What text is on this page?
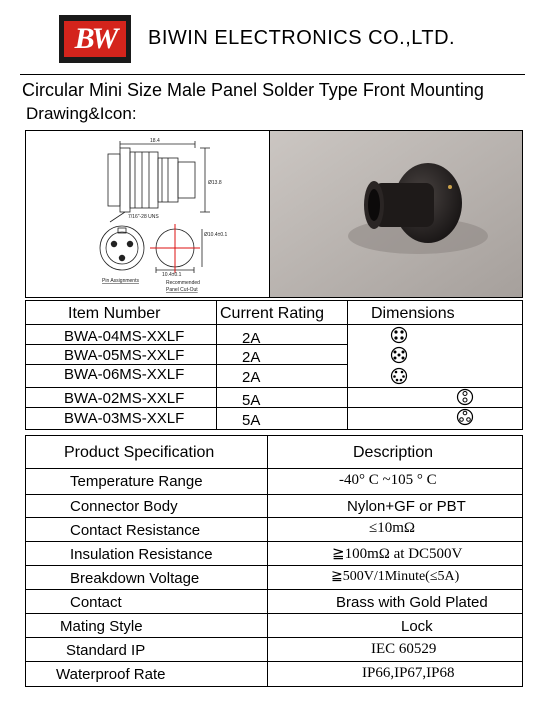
BW	BIWIN ELECTRONICS CO.,LTD.
Circular Mini Size Male Panel Solder Type Front Mounting
Drawing&Icon:
18.4
Ø13.8
7/16"-28 UNS
10.4±0.1
Ø10.4±0.1
Pin Assignments	Recommended
Panel Cut-Out
Item Number	Current Rating	Dimensions
BWA-04MS-XXLF	2A
BWA-05MS-XXLF	2A
BWA-06MS-XXLF	2A
BWA-02MS-XXLF	5A
BWA-03MS-XXLF	5A
Product Specification	Description
Temperature Range	-40° C ~105 ° C
Connector Body	Nylon+GF or PBT
Contact Resistance	≤10mΩ
Insulation Resistance	≧100mΩ at DC500V
Breakdown Voltage	≧500V/1Minute(≤5A)
Contact	Brass with Gold Plated
Mating Style	Lock
Standard IP	IEC 60529
Waterproof Rate	IP66,IP67,IP68
